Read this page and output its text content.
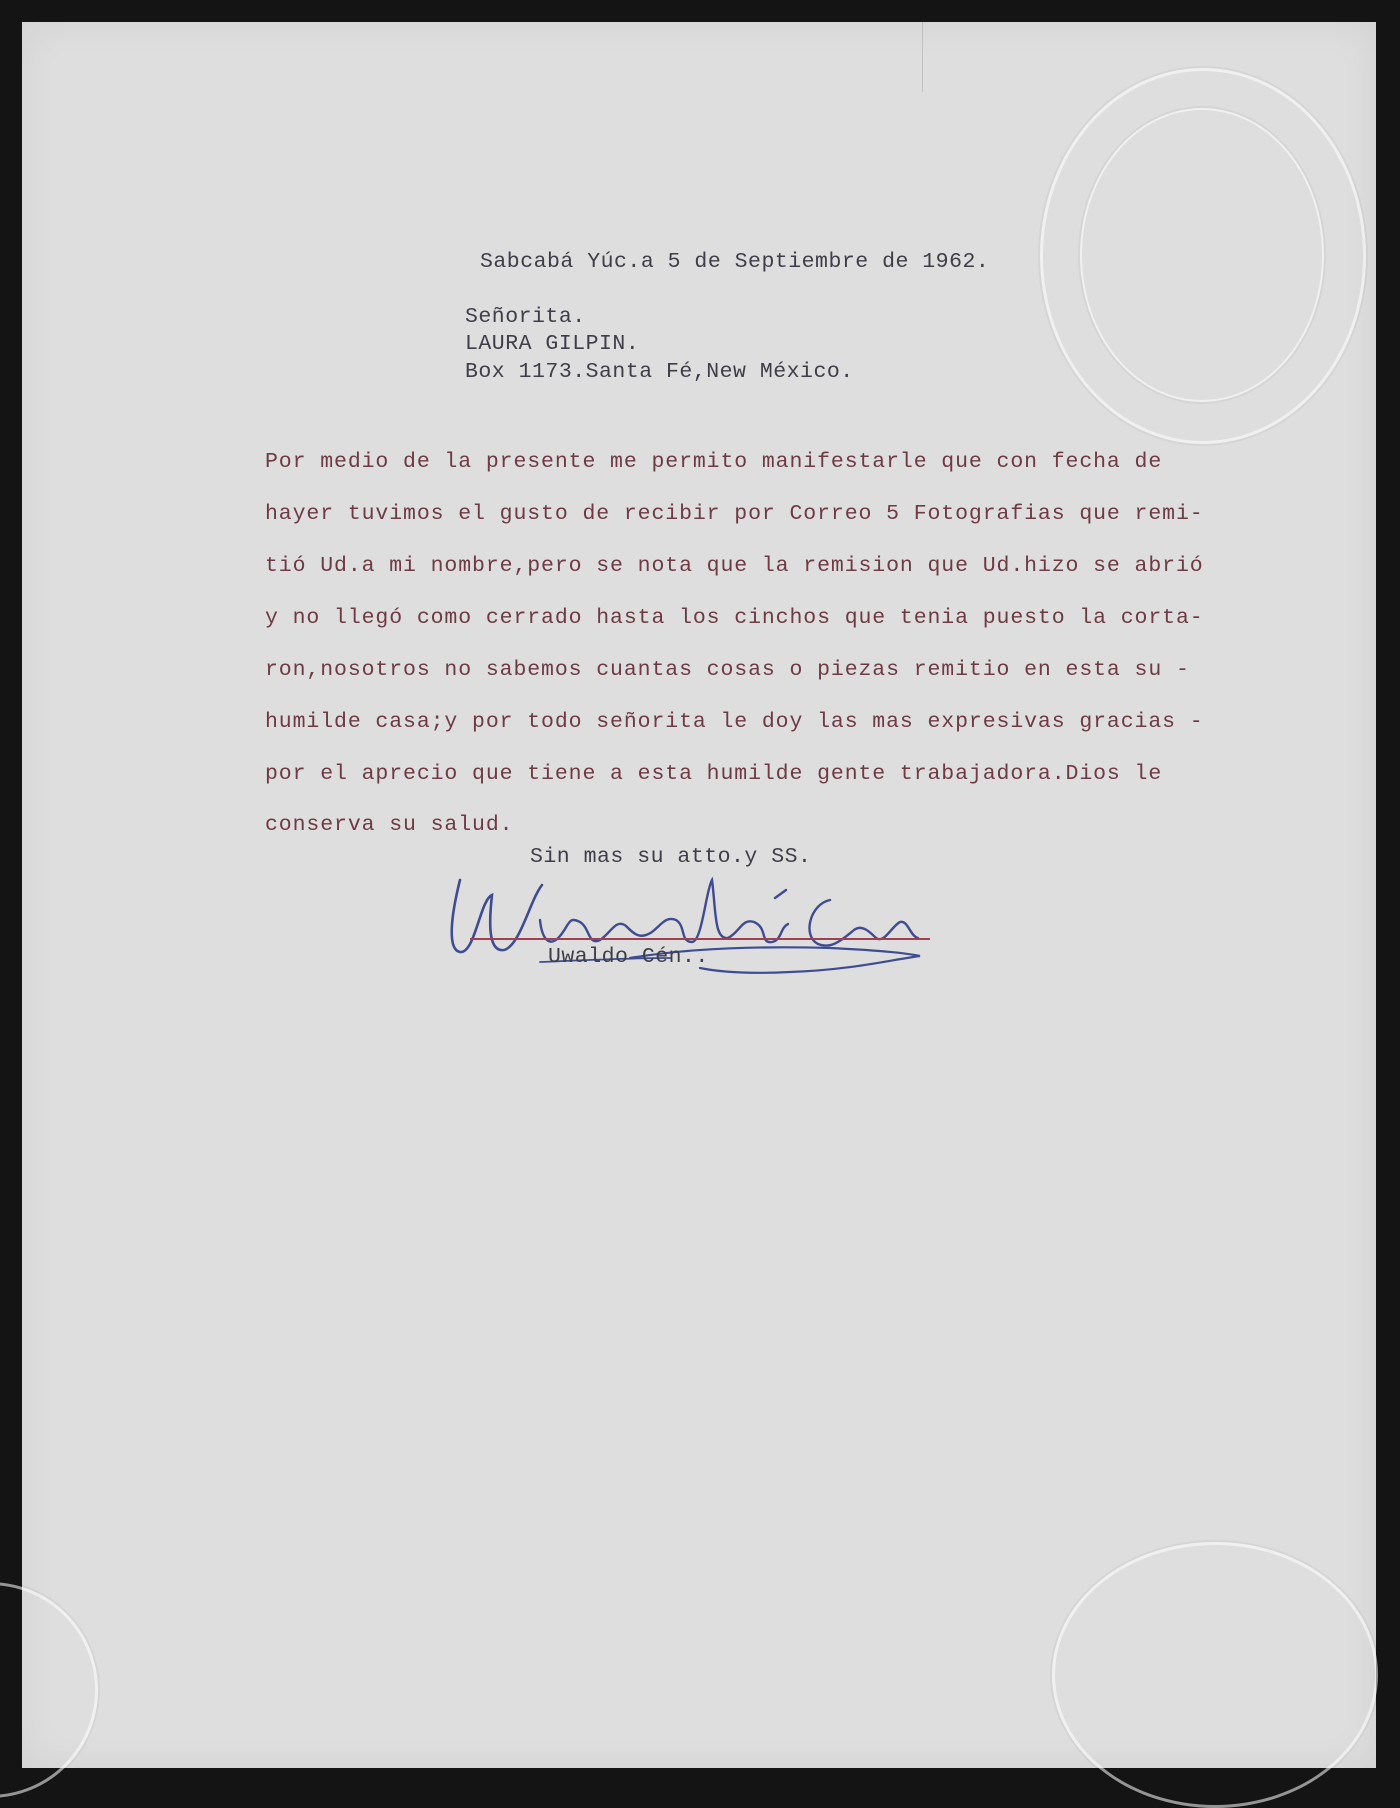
Sabcabá Yúc.a 5 de Septiembre de 1962.
Señorita.
LAURA GILPIN.
Box 1173.Santa Fé,New México.
Por medio de la presente me permito manifestarle que con fecha de
hayer tuvimos el gusto de recibir por Correo 5 Fotografias que remi-
tió Ud.a mi nombre,pero se nota que la remision que Ud.hizo se abrió
y no llegó como cerrado hasta los cinchos que tenia puesto la corta-
ron,nosotros no sabemos cuantas cosas o piezas remitio en esta su -
humilde casa;y por todo señorita le doy las mas expresivas gracias -
por el aprecio que tiene a esta humilde gente trabajadora.Dios le
conserva su salud.
Sin mas su atto.y SS.
Uwaldo Cén..
